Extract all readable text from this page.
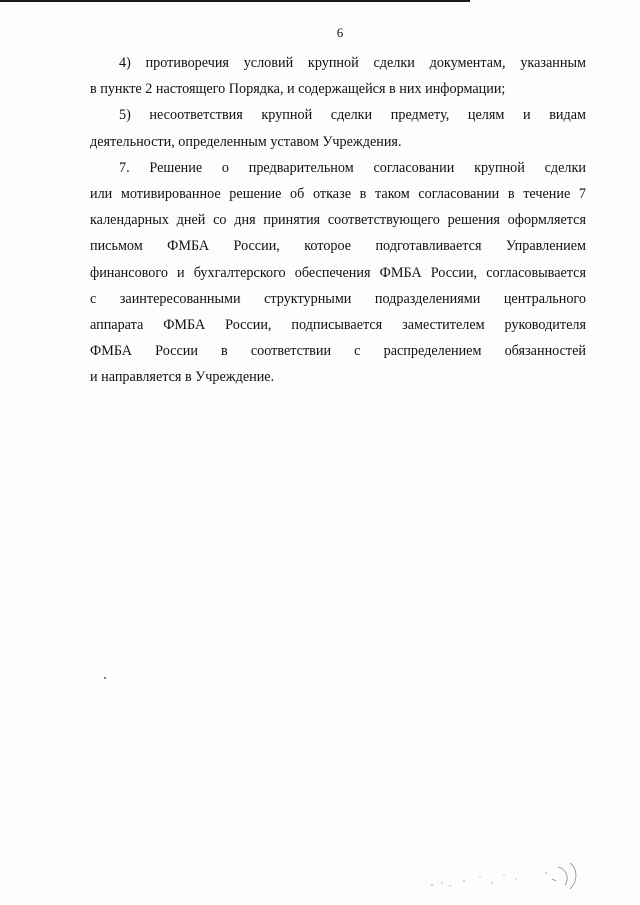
6

4) противоречия условий крупной сделки документам, указанным

в пункте 2 настоящего Порядка, и содержащейся в них информации;

5) несоответствия крупной сделки предмету, целям и видам

деятельности, определенным уставом Учреждения.

7. Решение о предварительном согласовании крупной сделки

или мотивированное решение об отказе в таком согласовании в течение 7

календарных дней со дня принятия соответствующего решения оформляется

письмом ФМБА России, которое подготавливается Управлением

финансового и бухгалтерского обеспечения ФМБА России, согласовывается

с заинтересованными структурными подразделениями центрального

аппарата ФМБА России, подписывается заместителем руководителя

ФМБА России в соответствии с распределением обязанностей

и направляется в Учреждение.
